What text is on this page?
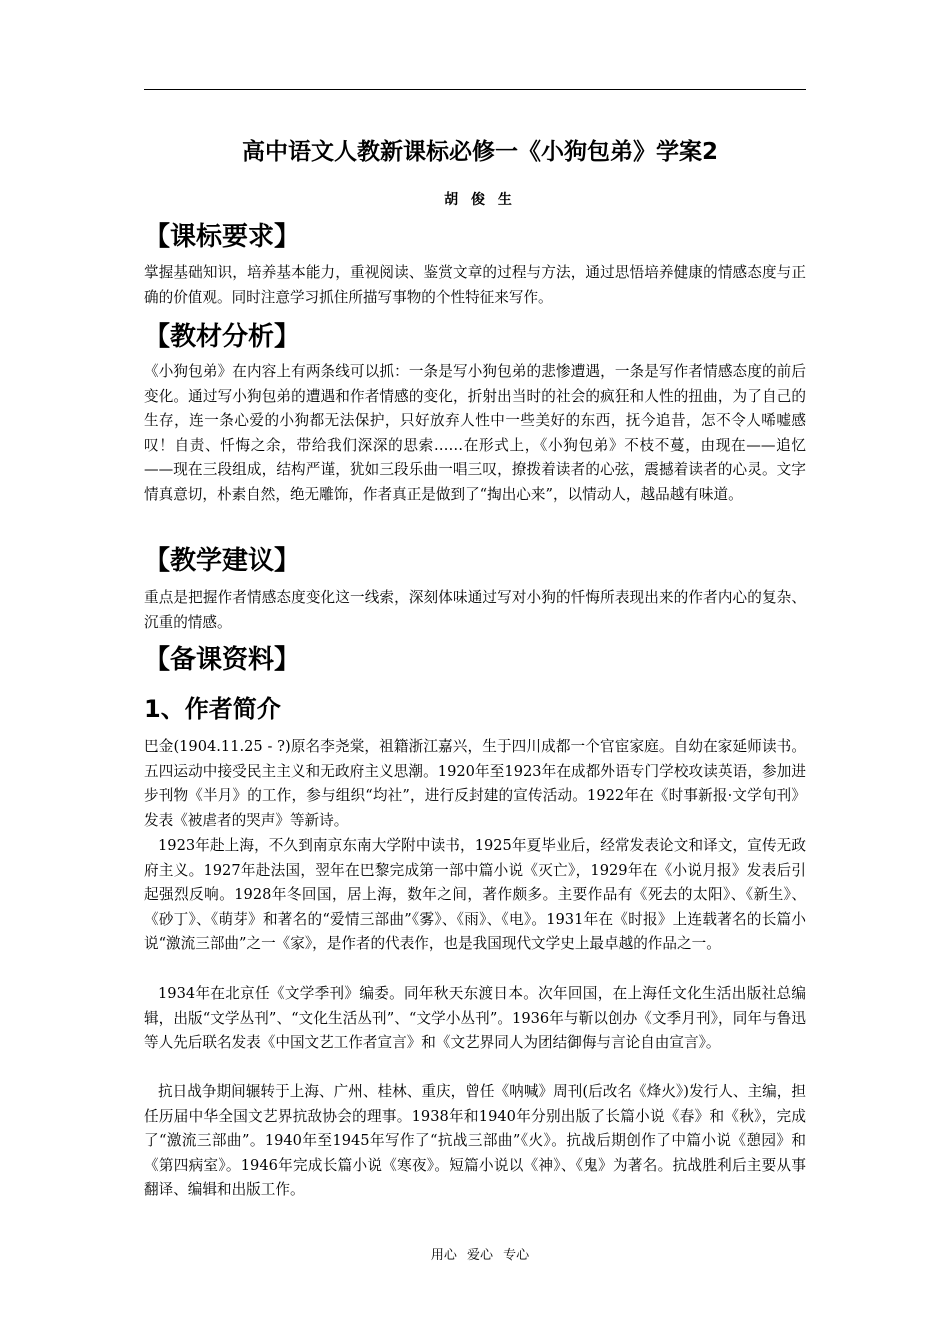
高中语文人教新课标必修一《小狗包弟》学案2
胡 俊 生
【课标要求】

掌握基础知识，培养基本能力，重视阅读、鉴赏文章的过程与方法，通过思悟培养健康的情感态度与正确的价值观。同时注意学习抓住所描写事物的个性特征来写作。

【教材分析】

《小狗包弟》在内容上有两条线可以抓：一条是写小狗包弟的悲惨遭遇，一条是写作者情感态度的前后变化。通过写小狗包弟的遭遇和作者情感的变化，折射出当时的社会的疯狂和人性的扭曲，为了自己的生存，连一条心爱的小狗都无法保护，只好放弃人性中一些美好的东西，抚今追昔，怎不令人唏嘘感叹！自责、忏悔之余，带给我们深深的思索……在形式上，《小狗包弟》不枝不蔓，由现在——追忆——现在三段组成，结构严谨，犹如三段乐曲一唱三叹，撩拨着读者的心弦，震撼着读者的心灵。文字情真意切，朴素自然，绝无雕饰，作者真正是做到了“掏出心来”，以情动人，越品越有味道。

【教学建议】

重点是把握作者情感态度变化这一线索，深刻体味通过写对小狗的忏悔所表现出来的作者内心的复杂、沉重的情感。

【备课资料】
1、作者简介

巴金(1904.11.25 - ?)原名李尧棠，祖籍浙江嘉兴，生于四川成都一个官宦家庭。自幼在家延师读书。五四运动中接受民主主义和无政府主义思潮。1920年至1923年在成都外语专门学校攻读英语，参加进步刊物《半月》的工作，参与组织“均社”，进行反封建的宣传活动。1922年在《时事新报·文学旬刊》发表《被虐者的哭声》等新诗。

1923年赴上海，不久到南京东南大学附中读书，1925年夏毕业后，经常发表论文和译文，宣传无政府主义。1927年赴法国，翌年在巴黎完成第一部中篇小说《灭亡》，1929年在《小说月报》发表后引起强烈反响。1928年冬回国，居上海，数年之间，著作颇多。主要作品有《死去的太阳》、《新生》、《砂丁》、《萌芽》和著名的“爱情三部曲”《雾》、《雨》、《电》。1931年在《时报》上连载著名的长篇小说“激流三部曲”之一《家》，是作者的代表作，也是我国现代文学史上最卓越的作品之一。

1934年在北京任《文学季刊》编委。同年秋天东渡日本。次年回国，在上海任文化生活出版社总编辑，出版“文学丛刊”、“文化生活丛刊”、“文学小丛刊”。1936年与靳以创办《文季月刊》，同年与鲁迅等人先后联名发表《中国文艺工作者宣言》和《文艺界同人为团结御侮与言论自由宣言》。

抗日战争期间辗转于上海、广州、桂林、重庆，曾任《呐喊》周刊(后改名《烽火》)发行人、主编，担任历届中华全国文艺界抗敌协会的理事。1938年和1940年分别出版了长篇小说《春》和《秋》，完成了“激流三部曲”。1940年至1945年写作了“抗战三部曲”《火》。抗战后期创作了中篇小说《憩园》和《第四病室》。1946年完成长篇小说《寒夜》。短篇小说以《神》、《鬼》为著名。抗战胜利后主要从事翻译、编辑和出版工作。

用心 爱心 专心
